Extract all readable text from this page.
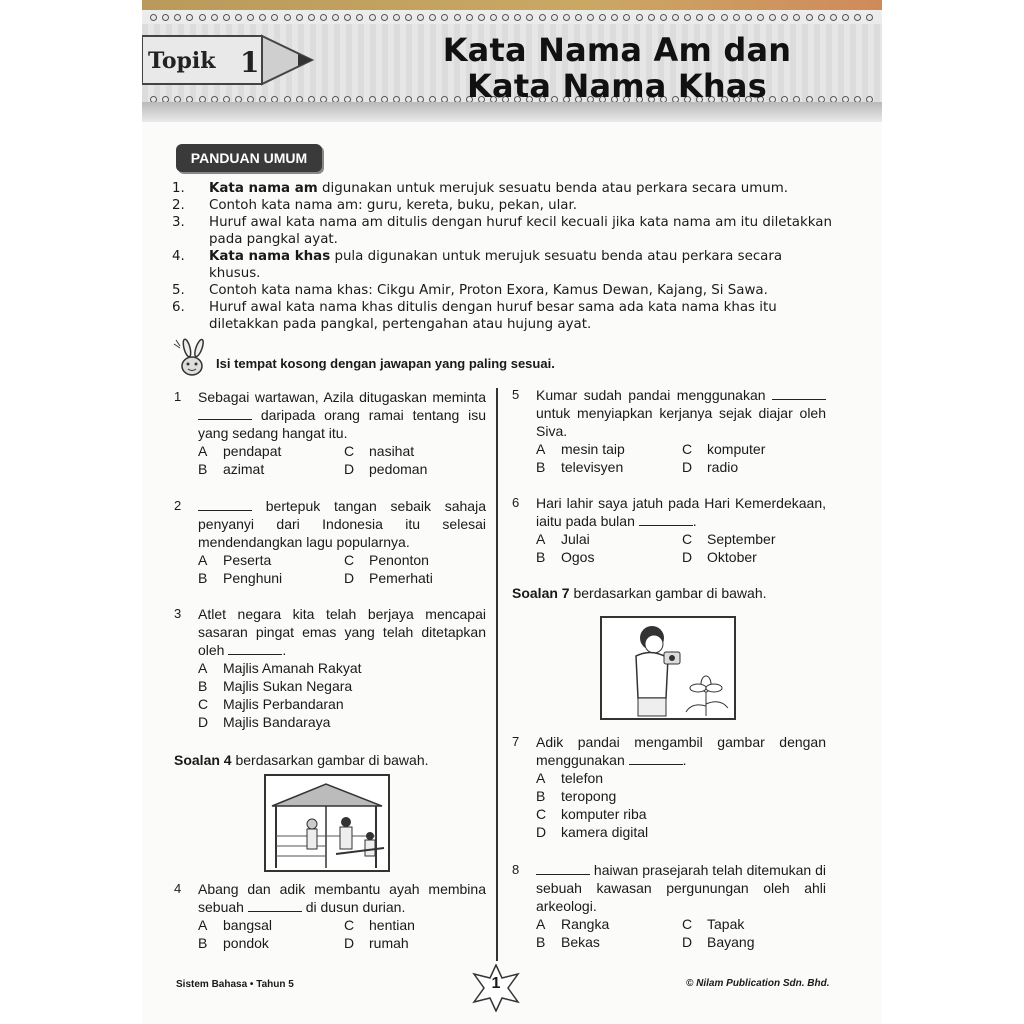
Topik 1	Kata Nama Am dan
Kata Nama Khas
PANDUAN UMUM
1.	Kata nama am digunakan untuk merujuk sesuatu benda atau perkara secara umum.
2.	Contoh kata nama am: guru, kereta, buku, pekan, ular.
3.	Huruf awal kata nama am ditulis dengan huruf kecil kecuali jika kata nama am itu diletakkan pada pangkal ayat.
4.	Kata nama khas pula digunakan untuk merujuk sesuatu benda atau perkara secara khusus.
5.	Contoh kata nama khas: Cikgu Amir, Proton Exora, Kamus Dewan, Kajang, Si Sawa.
6.	Huruf awal kata nama khas ditulis dengan huruf besar sama ada kata nama khas itu diletakkan pada pangkal, pertengahan atau hujung ayat.
Isi tempat kosong dengan jawapan yang paling sesuai.
1 Sebagai wartawan, Azila ditugaskan meminta  daripada orang ramai tentang isu yang sedang hangat itu.
A	pendapat	C	nasihat
B	azimat	D	pedoman
2	bertepuk tangan sebaik sahaja penyanyi dari Indonesia itu selesai mendendangkan lagu popularnya.
A	Peserta	C	Penonton
B	Penghuni	D	Pemerhati
3 Atlet negara kita telah berjaya mencapai sasaran pingat emas yang telah ditetapkan oleh	.
A	Majlis Amanah Rakyat
B	Majlis Sukan Negara
C	Majlis Perbandaran
D	Majlis Bandaraya
Soalan 4 berdasarkan gambar di bawah.
4 Abang dan adik membantu ayah membina sebuah	di dusun durian.
A	bangsal	C	hentian
B	pondok	D	rumah
5 Kumar sudah pandai menggunakan  untuk menyiapkan kerjanya sejak diajar oleh Siva.
A	mesin taip	C	komputer
B	televisyen	D	radio
6 Hari lahir saya jatuh pada Hari Kemerdekaan, iaitu pada bulan	.
A	Julai	C	September
B	Ogos	D	Oktober
Soalan 7 berdasarkan gambar di bawah.
7 Adik pandai mengambil gambar dengan menggunakan	.
A	telefon
B	teropong
C	komputer riba
D	kamera digital
8	haiwan prasejarah telah ditemukan di sebuah kawasan pergunungan oleh ahli arkeologi.
A	Rangka	C	Tapak
B	Bekas	D	Bayang
Sistem Bahasa • Tahun 5	1	© Nilam Publication Sdn. Bhd.
